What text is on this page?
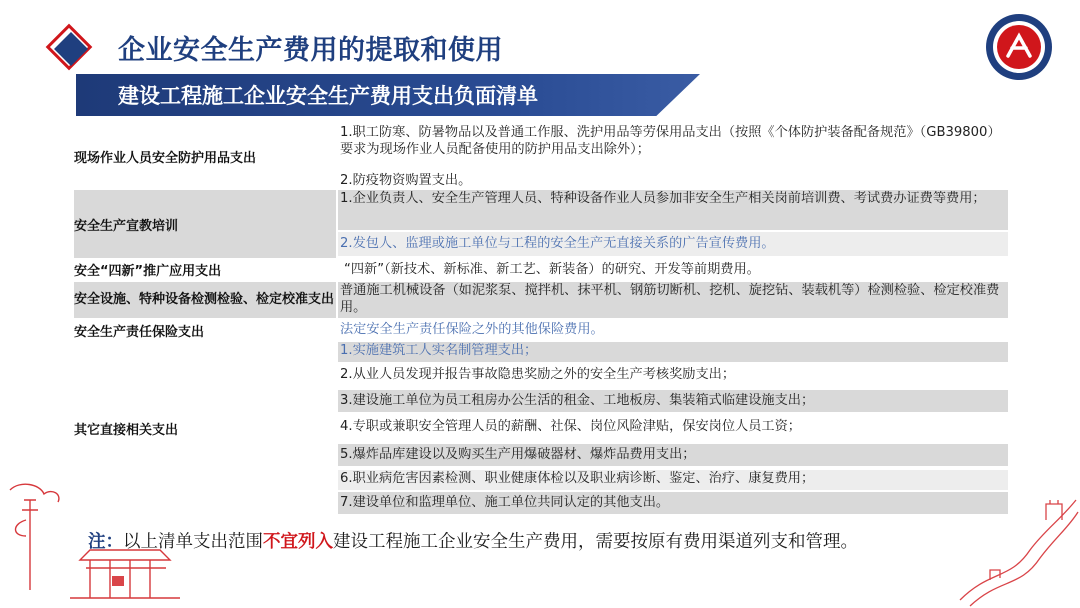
企业安全生产费用的提取和使用
建设工程施工企业安全生产费用支出负面清单
现场作业人员安全防护用品支出
1.职工防寒、防暑物品以及普通工作服、洗护用品等劳保用品支出（按照《个体防护装备配备规范》（GB39800）要求为现场作业人员配备使用的防护用品支出除外）；
2.防疫物资购置支出。
安全生产宣教培训
1.企业负责人、安全生产管理人员、特种设备作业人员参加非安全生产相关岗前培训费、考试费办证费等费用；
2.发包人、监理或施工单位与工程的安全生产无直接关系的广告宣传费用。
安全“四新”推广应用支出	“四新”（新技术、新标准、新工艺、新装备）的研究、开发等前期费用。
安全设施、特种设备检测检验、检定校准支出
普通施工机械设备（如泥浆泵、搅拌机、抹平机、钢筋切断机、挖机、旋挖钻、装载机等）检测检验、检定校准费用。
安全生产责任保险支出	法定安全生产责任保险之外的其他保险费用。
其它直接相关支出
1.实施建筑工人实名制管理支出；
2.从业人员发现并报告事故隐患奖励之外的安全生产考核奖励支出；
3.建设施工单位为员工租房办公生活的租金、工地板房、集装箱式临建设施支出；
4.专职或兼职安全管理人员的薪酬、社保、岗位风险津贴，保安岗位人员工资；
5.爆炸品库建设以及购买生产用爆破器材、爆炸品费用支出；
6.职业病危害因素检测、职业健康体检以及职业病诊断、鉴定、治疗、康复费用；
7.建设单位和监理单位、施工单位共同认定的其他支出。
注：以上清单支出范围不宜列入建设工程施工企业安全生产费用，需要按原有费用渠道列支和管理。
